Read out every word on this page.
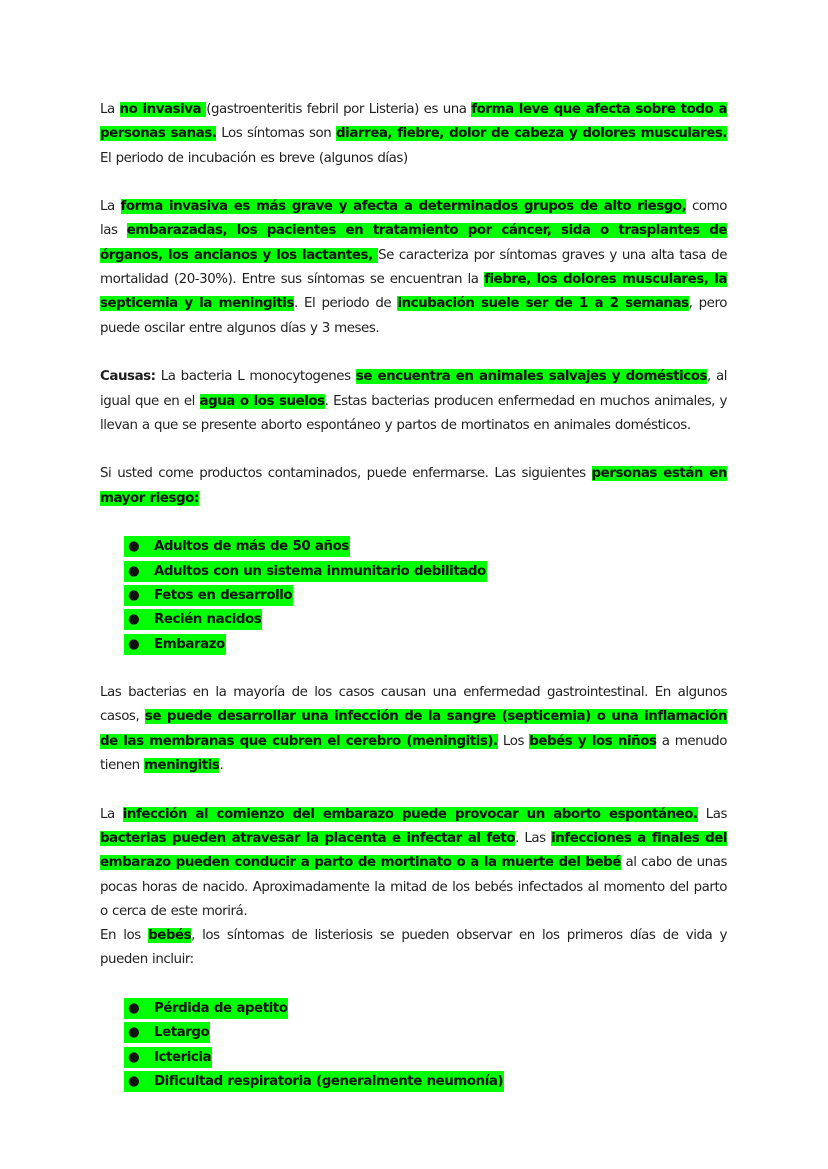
La no invasiva (gastroenteritis febril por Listeria) es una forma leve que afecta sobre todo a personas sanas. Los síntomas son diarrea, fiebre, dolor de cabeza y dolores musculares. El periodo de incubación es breve (algunos días)

La forma invasiva es más grave y afecta a determinados grupos de alto riesgo, como las embarazadas, los pacientes en tratamiento por cáncer, sida o trasplantes de órganos, los ancianos y los lactantes, Se caracteriza por síntomas graves y una alta tasa de mortalidad (20-30%). Entre sus síntomas se encuentran la fiebre, los dolores musculares, la septicemia y la meningitis. El periodo de incubación suele ser de 1 a 2 semanas, pero puede oscilar entre algunos días y 3 meses.

Causas: La bacteria L monocytogenes se encuentra en animales salvajes y domésticos, al igual que en el agua o los suelos. Estas bacterias producen enfermedad en muchos animales, y llevan a que se presente aborto espontáneo y partos de mortinatos en animales domésticos.

Si usted come productos contaminados, puede enfermarse. Las siguientes personas están en mayor riesgo:

● Adultos de más de 50 años
● Adultos con un sistema inmunitario debilitado
● Fetos en desarrollo
● Recién nacidos
● Embarazo

Las bacterias en la mayoría de los casos causan una enfermedad gastrointestinal. En algunos casos, se puede desarrollar una infección de la sangre (septicemia) o una inflamación de las membranas que cubren el cerebro (meningitis). Los bebés y los niños a menudo tienen meningitis.

La infección al comienzo del embarazo puede provocar un aborto espontáneo. Las bacterias pueden atravesar la placenta e infectar al feto. Las infecciones a finales del embarazo pueden conducir a parto de mortinato o a la muerte del bebé al cabo de unas pocas horas de nacido. Aproximadamente la mitad de los bebés infectados al momento del parto o cerca de este morirá.

En los bebés, los síntomas de listeriosis se pueden observar en los primeros días de vida y pueden incluir:

● Pérdida de apetito
● Letargo
● Ictericia
● Dificultad respiratoria (generalmente neumonía)
